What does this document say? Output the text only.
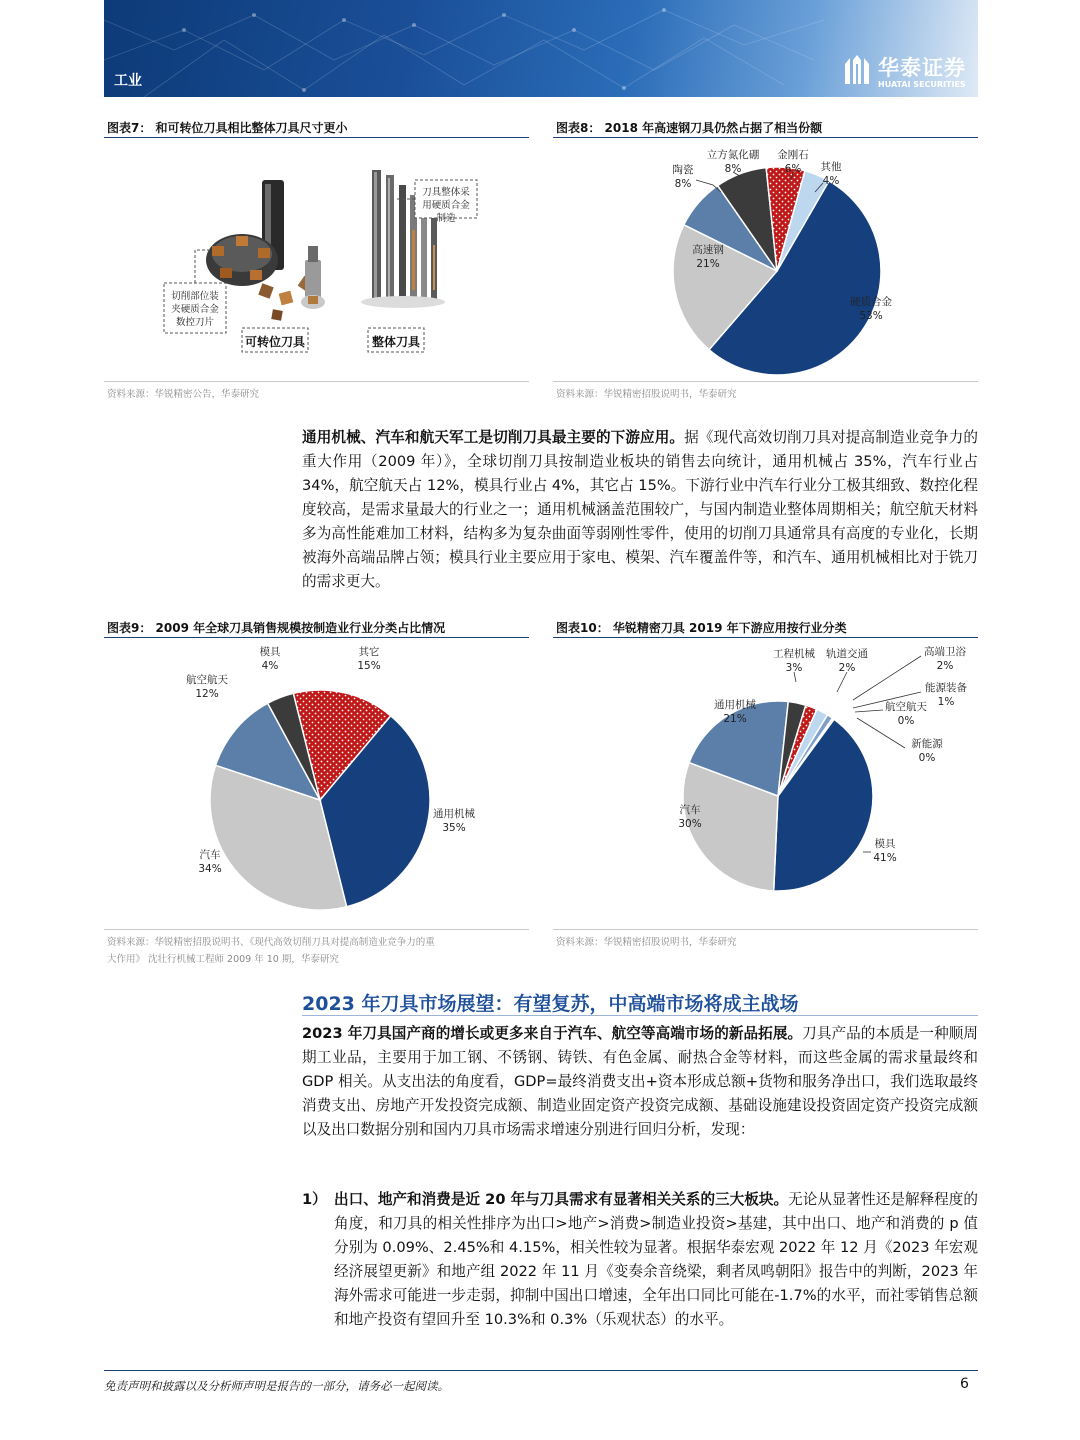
工业
华泰证券
HUATAI SECURITIES
图表7： 和可转位刀具相比整体刀具尺寸更小
切削部位装夹硬质合金数控刀片
刀具整体采用硬质合金制造
可转位刀具	整体刀具
资料来源：华锐精密公告，华泰研究
图表8： 2018 年高速钢刀具仍然占据了相当份额
硬质合金 53%
高速钢 21%
陶瓷 8%
立方氮化硼 8%
金刚石 6%	其他 4%
资料来源：华锐精密招股说明书，华泰研究
通用机械、汽车和航天军工是切削刀具最主要的下游应用。据《现代高效切削刀具对提高制造业竞争力的重大作用（2009 年）》，全球切削刀具按制造业板块的销售去向统计，通用机械占 35%，汽车行业占 34%，航空航天占 12%，模具行业占 4%，其它占 15%。下游行业中汽车行业分工极其细致、数控化程度较高，是需求量最大的行业之一；通用机械涵盖范围较广，与国内制造业整体周期相关；航空航天材料多为高性能难加工材料，结构多为复杂曲面等弱刚性零件，使用的切削刀具通常具有高度的专业化，长期被海外高端品牌占领；模具行业主要应用于家电、模架、汽车覆盖件等，和汽车、通用机械相比对于铣刀的需求更大。
图表9： 2009 年全球刀具销售规模按制造业行业分类占比情况
通用机械 35%
汽车 34%
航空航天 12%
模具 4%
其它 15%
资料来源：华锐精密招股说明书、《现代高效切削刀具对提高制造业竞争力的重
大作用》 沈壮行机械工程师 2009 年 10 期，华泰研究
图表10： 华锐精密刀具 2019 年下游应用按行业分类
模具 41%
汽车 30%
通用机械 21%
工程机械 3%
轨道交通 2%
高端卫浴 2%
能源装备 1%
航空航天 0%
新能源 0%
资料来源：华锐精密招股说明书，华泰研究
2023 年刀具市场展望：有望复苏，中高端市场将成主战场
2023 年刀具国产商的增长或更多来自于汽车、航空等高端市场的新品拓展。刀具产品的本质是一种顺周期工业品，主要用于加工钢、不锈钢、铸铁、有色金属、耐热合金等材料，而这些金属的需求量最终和 GDP 相关。从支出法的角度看，GDP=最终消费支出+资本形成总额+货物和服务净出口，我们选取最终消费支出、房地产开发投资完成额、制造业固定资产投资完成额、基础设施建设投资固定资产投资完成额以及出口数据分别和国内刀具市场需求增速分别进行回归分析，发现：
1） 出口、地产和消费是近 20 年与刀具需求有显著相关关系的三大板块。无论从显著性还是解释程度的角度，和刀具的相关性排序为出口>地产>消费>制造业投资>基建，其中出口、地产和消费的 p 值分别为 0.09%、2.45%和 4.15%，相关性较为显著。根据华泰宏观 2022 年 12 月《2023 年宏观经济展望更新》和地产组 2022 年 11 月《变奏余音绕梁，剩者凤鸣朝阳》报告中的判断，2023 年海外需求可能进一步走弱，抑制中国出口增速，全年出口同比可能在-1.7%的水平，而社零销售总额和地产投资有望回升至 10.3%和 0.3%（乐观状态）的水平。
免责声明和披露以及分析师声明是报告的一部分，请务必一起阅读。	6
